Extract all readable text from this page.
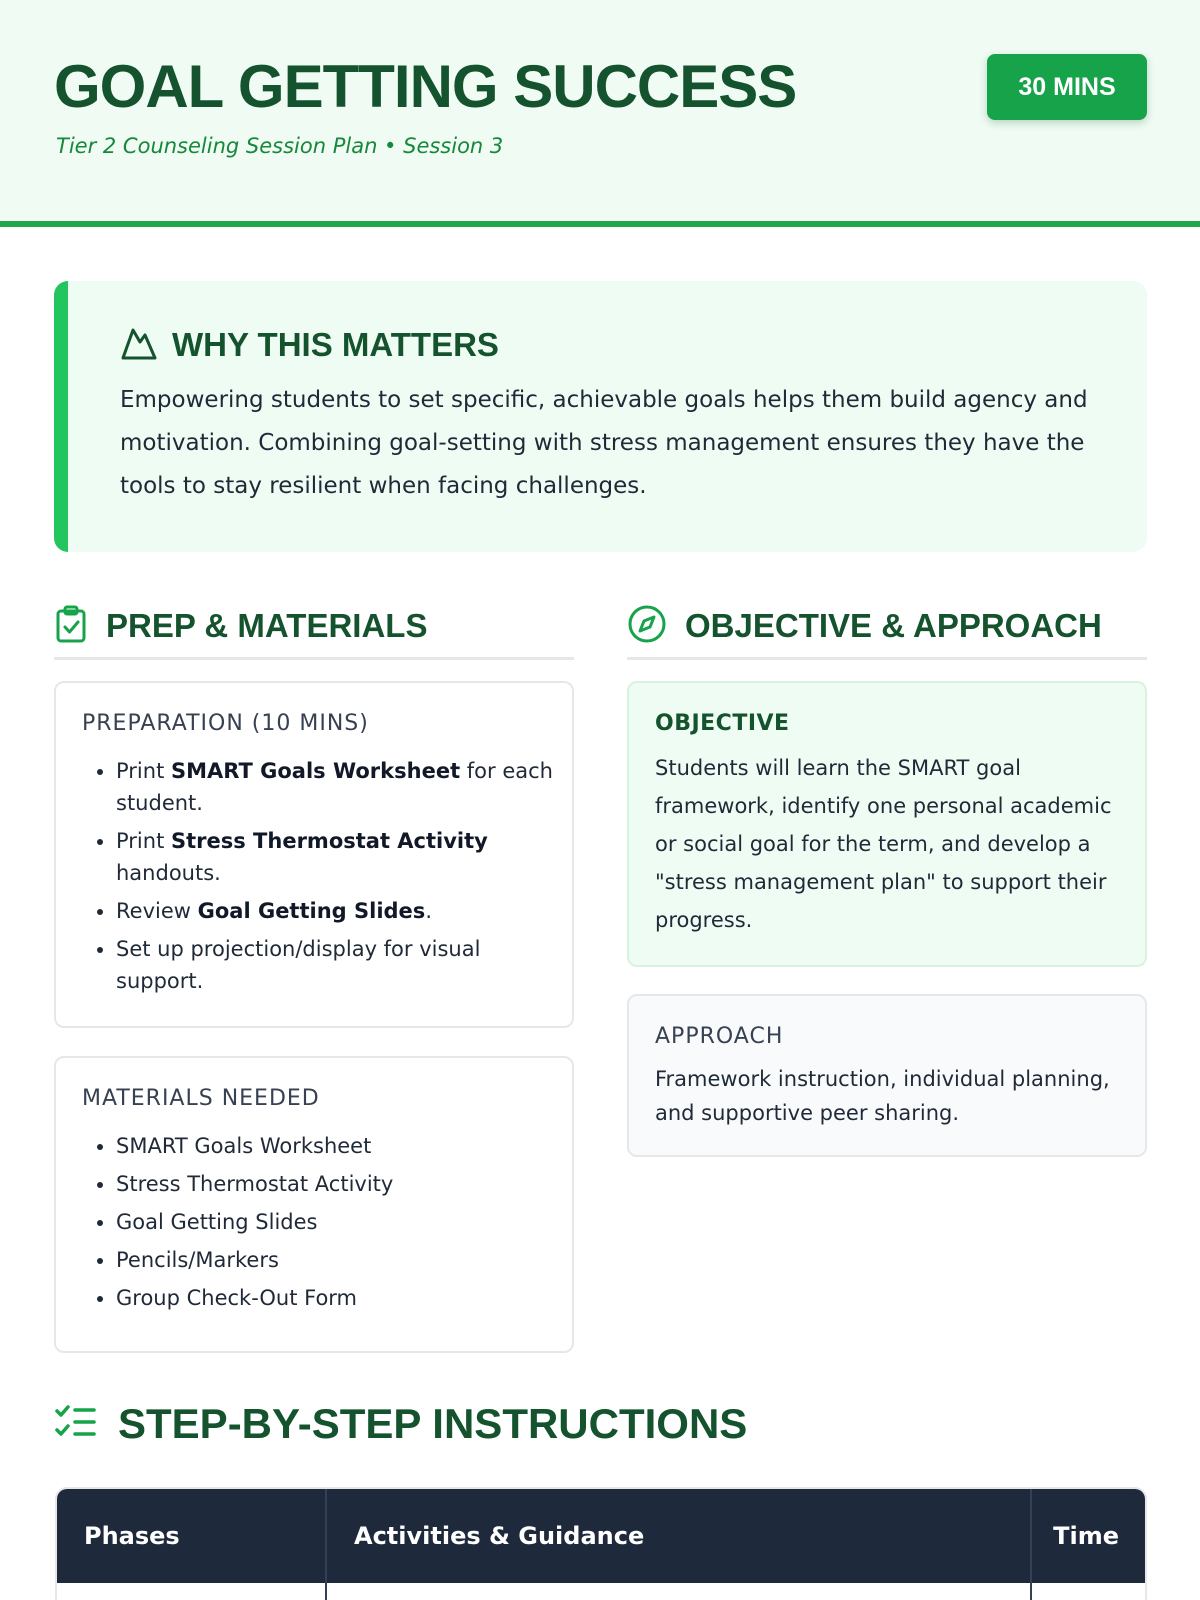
GOAL GETTING SUCCESS
Tier 2 Counseling Session Plan • Session 3
30 MINS
WHY THIS MATTERS

Empowering students to set specific, achievable goals helps them build agency and motivation. Combining goal-setting with stress management ensures they have the tools to stay resilient when facing challenges.

PREP & MATERIALS	OBJECTIVE & APPROACH
PREPARATION (10 MINS)
• Print SMART Goals Worksheet for each student.
• Print Stress Thermostat Activity handouts.
• Review Goal Getting Slides.
• Set up projection/display for visual support.
MATERIALS NEEDED
• SMART Goals Worksheet
• Stress Thermostat Activity
• Goal Getting Slides
• Pencils/Markers
• Group Check-Out Form
OBJECTIVE

Students will learn the SMART goal framework, identify one personal academic or social goal for the term, and develop a "stress management plan" to support their progress.

APPROACH

Framework instruction, individual planning, and supportive peer sharing.

STEP-BY-STEP INSTRUCTIONS
Phases	Activities & Guidance	Time
